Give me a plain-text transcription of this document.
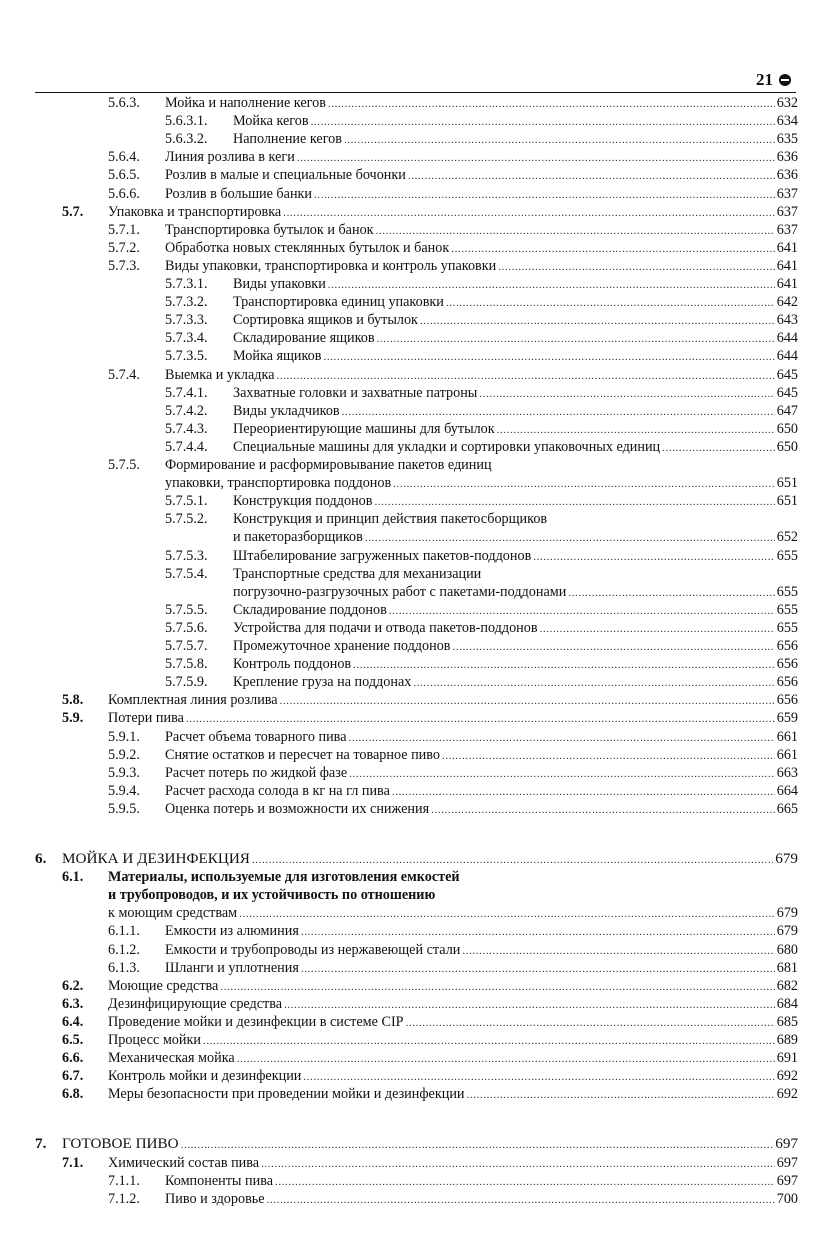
21
5.6.3. Мойка и наполнение кегов .....	632
5.6.3.1. Мойка кегов .....	634
5.6.3.2. Наполнение кегов .....	635
5.6.4. Линия розлива в кеги .....	636
5.6.5. Розлив в малые и специальные бочонки .....	636
5.6.6. Розлив в большие банки .....	637
5.7. Упаковка и транспортировка .....	637
5.7.1. Транспортировка бутылок и банок .....	637
5.7.2. Обработка новых стеклянных бутылок и банок .....	641
5.7.3. Виды упаковки, транспортировка и контроль упаковки .....	641
5.7.3.1. Виды упаковки .....	641
5.7.3.2. Транспортировка единиц упаковки .....	642
5.7.3.3. Сортировка ящиков и бутылок .....	643
5.7.3.4. Складирование ящиков .....	644
5.7.3.5. Мойка ящиков .....	644
5.7.4. Выемка и укладка .....	645
5.7.4.1. Захватные головки и захватные патроны .....	645
5.7.4.2. Виды укладчиков .....	647
5.7.4.3. Переориентирующие машины для бутылок .....	650
5.7.4.4. Специальные машины для укладки и сортировки упаковочных единиц .....	650
5.7.5. Формирование и расформировывание пакетов единиц
упаковки, транспортировка поддонов .....	651
5.7.5.1. Конструкция поддонов .....	651
5.7.5.2. Конструкция и принцип действия пакетосборщиков
и пакеторазборщиков .....	652
5.7.5.3. Штабелирование загруженных пакетов-поддонов .....	655
5.7.5.4. Транспортные средства для механизации
погрузочно-разгрузочных работ с пакетами-поддонами .....	655
5.7.5.5. Складирование поддонов .....	655
5.7.5.6. Устройства для подачи и отвода пакетов-поддонов .....	655
5.7.5.7. Промежуточное хранение поддонов .....	656
5.7.5.8. Контроль поддонов .....	656
5.7.5.9. Крепление груза на поддонах .....	656
5.8. Комплектная линия розлива .....	656
5.9. Потери пива .....	659
5.9.1. Расчет объема товарного пива .....	661
5.9.2. Снятие остатков и пересчет на товарное пиво .....	661
5.9.3. Расчет потерь по жидкой фазе .....	663
5.9.4. Расчет расхода солода в кг на гл пива .....	664
5.9.5. Оценка потерь и возможности их снижения .....	665
6. МОЙКА И ДЕЗИНФЕКЦИЯ .....	679
6.1. Материалы, используемые для изготовления емкостей
и трубопроводов, и их устойчивость по отношению
к моющим средствам .....	679
6.1.1. Емкости из алюминия .....	679
6.1.2. Емкости и трубопроводы из нержавеющей стали .....	680
6.1.3. Шланги и уплотнения .....	681
6.2. Моющие средства .....	682
6.3. Дезинфицирующие средства .....	684
6.4. Проведение мойки и дезинфекции в системе CIP .....	685
6.5. Процесс мойки .....	689
6.6. Механическая мойка .....	691
6.7. Контроль мойки и дезинфекции .....	692
6.8. Меры безопасности при проведении мойки и дезинфекции .....	692
7. ГОТОВОЕ ПИВО .....	697
7.1. Химический состав пива .....	697
7.1.1. Компоненты пива .....	697
7.1.2. Пиво и здоровье .....	700
